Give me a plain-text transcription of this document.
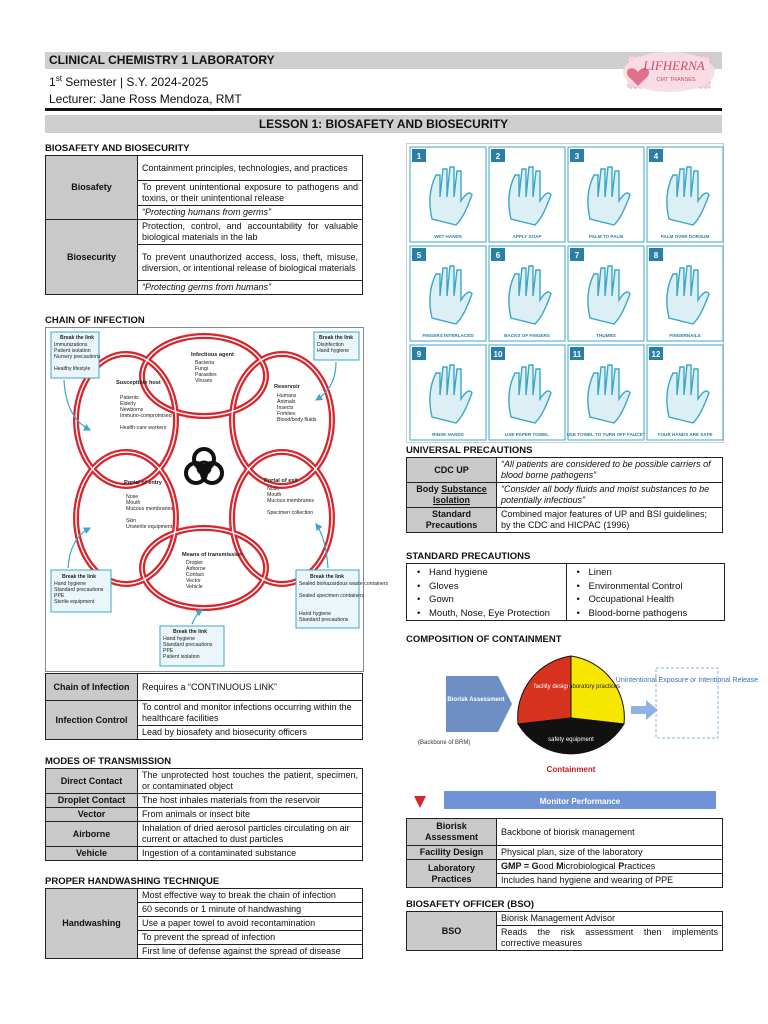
CLINICAL CHEMISTRY 1 LABORATORY
1st Semester | S.Y. 2024-2025
Lecturer: Jane Ross Mendoza, RMT
LIFHERNA
CMT TRANSES
LESSON 1: BIOSAFETY AND BIOSECURITY
BIOSAFETY AND BIOSECURITY
Biosafety	Containment principles, technologies, and practices
	To prevent unintentional exposure to pathogens and toxins, or their unintentional release
	“Protecting humans from germs”
Biosecurity	Protection, control, and accountability for valuable biological materials in the lab
	To prevent unauthorized access, loss, theft, misuse, diversion, or intentional release of biological materials
	“Protecting germs from humans”
CHAIN OF INFECTION
Infectious agent
Bacteria
Fungi
Parasites
Viruses
Reservoir
Humans
Animals
Insects
Fomites
Blood/body fluids
Portal of exit
Nose
Mouth
Mucous membranes
Specimen collection
Means of transmission
Droplet
Airborne
Contact
Vector
Vehicle
Portal of entry
Nose
Mouth
Mucous membranes
Skin
Unsterile equipment
Susceptible host
Patients
Elderly
Newborns
Immuno-compromised
Health-care workers
Break the link
Immunizations
Patient isolation
Nursery precautions
Healthy lifestyle
Break the link
Disinfection
Hand hygiene
Break the link
Hand hygiene
Standard precautions
PPE
Sterile equipment
Break the link
Sealed biohazardous waste containers
Sealed specimen containers
Hand hygiene
Standard precautions
Break the link
Hand hygiene
Standard precautions
PPE
Patient isolation
Chain of Infection	Requires a “CONTINUOUS LINK”
Infection Control	To control and monitor infections occurring within the healthcare facilities
	Lead by biosafety and biosecurity officers
MODES OF TRANSMISSION
Direct Contact	The unprotected host touches the patient, specimen, or contaminated object
Droplet Contact	The host inhales materials from the reservoir
Vector	From animals or insect bite
Airborne	Inhalation of dried aerosol particles circulating on air current or attached to dust particles
Vehicle	Ingestion of a contaminated substance
PROPER HANDWASHING TECHNIQUE
Handwashing	Most effective way to break the chain of infection
60 seconds or 1 minute of handwashing
Use a paper towel to avoid recontamination
To prevent the spread of infection
First line of defense against the spread of disease
1
WET HANDS
2
APPLY SOAP
3
PALM TO PALM
4
PALM OVER DORSUM
5
FINGERS INTERLACED
6
BACKS OF FINGERS
7
THUMBS
8
FINGERNAILS
9
RINSE HANDS
10
USE PAPER TOWEL
11
USE TOWEL TO TURN OFF FAUCET
12
YOUR HANDS ARE SAFE
UNIVERSAL PRECAUTIONS
CDC UP	“All patients are considered to be possible carriers of blood borne pathogens”
Body Substance
Isolation	“Consider all body fluids and moist substances to be potentially infectious”
Standard Precautions	Combined major features of UP and BSI guidelines; by the CDC and HICPAC (1996)
STANDARD PRECAUTIONS
• Hand hygiene
• Gloves
• Gown
• Mouth, Nose, Eye Protection
• Linen
• Environmental Control
• Occupational Health
• Blood-borne pathogens
COMPOSITION OF CONTAINMENT
Biorisk Assessment
(Backbone of BRM)
facility design
laboratory practices
safety equipment
Containment
Unintentional Exposure or Intentional Release
Monitor Performance
Biorisk Assessment	Backbone of biorisk management
Facility Design	Physical plan, size of the laboratory
Laboratory Practices	GMP = Good Microbiological Practices
	Includes hand hygiene and wearing of PPE
BIOSAFETY OFFICER (BSO)
BSO	Biorisk Management Advisor
Reads the risk assessment then implements corrective measures
